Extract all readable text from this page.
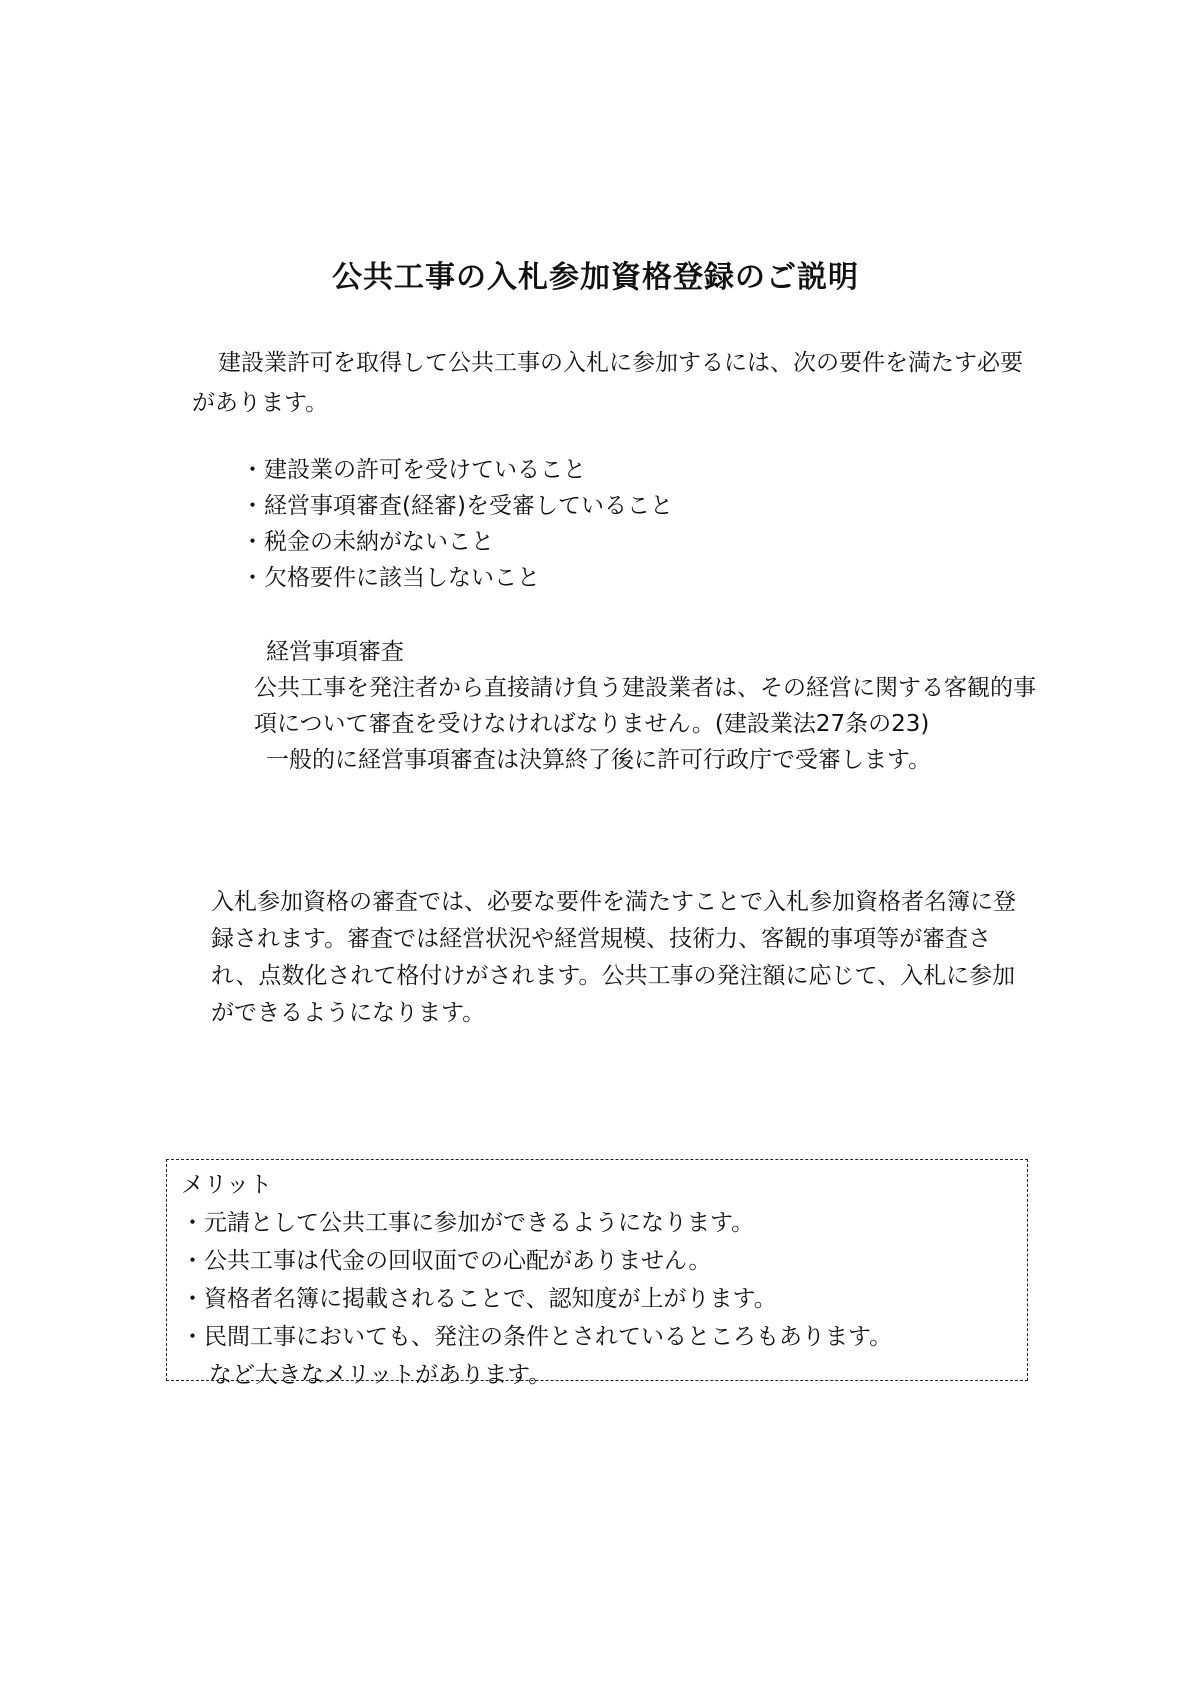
公共工事の入札参加資格登録のご説明

建設業許可を取得して公共工事の入札に参加するには、次の要件を満たす必要があります。

・ 建設業の許可を受けていること
・ 経営事項審査(経審)を受審していること
・ 税金の未納がないこと
・ 欠格要件に該当しないこと
経営事項審査

公共工事を発注者から直接請け負う建設業者は、その経営に関する客観的事項について審査を受けなければなりません。(建設業法27条の23)

一般的に経営事項審査は決算終了後に許可行政庁で受審します。

入札参加資格の審査では、必要な要件を満たすことで入札参加資格者名簿に登録されます。審査では経営状況や経営規模、技術力、客観的事項等が審査され、点数化されて格付けがされます。公共工事の発注額に応じて、入札に参加ができるようになります。

メリット
・ 元請として公共工事に参加ができるようになります。
・ 公共工事は代金の回収面での心配がありません。
・ 資格者名簿に掲載されることで、認知度が上がります。
・ 民間工事においても、発注の条件とされているところもあります。

など大きなメリットがあります。
